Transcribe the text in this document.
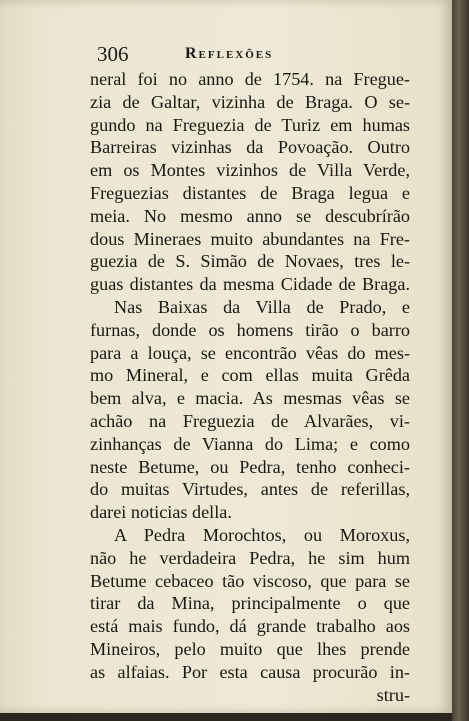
306	Reflexões
neral foi no anno de 1754. na Fregue-
zia de Galtar, vizinha de Braga. O se-
gundo na Freguezia de Turiz em humas
Barreiras vizinhas da Povoação. Outro
em os Montes vizinhos de Villa Verde,
Freguezias distantes de Braga legua e
meia. No mesmo anno se descubrírão
dous Mineraes muito abundantes na Fre-
guezia de S. Simão de Novaes, tres le-
guas distantes da mesma Cidade de Braga.
Nas Baixas da Villa de Prado, e
furnas, donde os homens tirão o barro
para a louça, se encontrão vêas do mes-
mo Mineral, e com ellas muita Grêda
bem alva, e macia. As mesmas vêas se
achão na Freguezia de Alvarães, vi-
zinhanças de Vianna do Lima; e como
neste Betume, ou Pedra, tenho conheci-
do muitas Virtudes, antes de referillas,
darei noticias della.
A Pedra Morochtos, ou Moroxus,
não he verdadeira Pedra, he sim hum
Betume cebaceo tão viscoso, que para se
tirar da Mina, principalmente o que
está mais fundo, dá grande trabalho aos
Mineiros, pelo muito que lhes prende
as alfaias. Por esta causa procurão in-
stru-
